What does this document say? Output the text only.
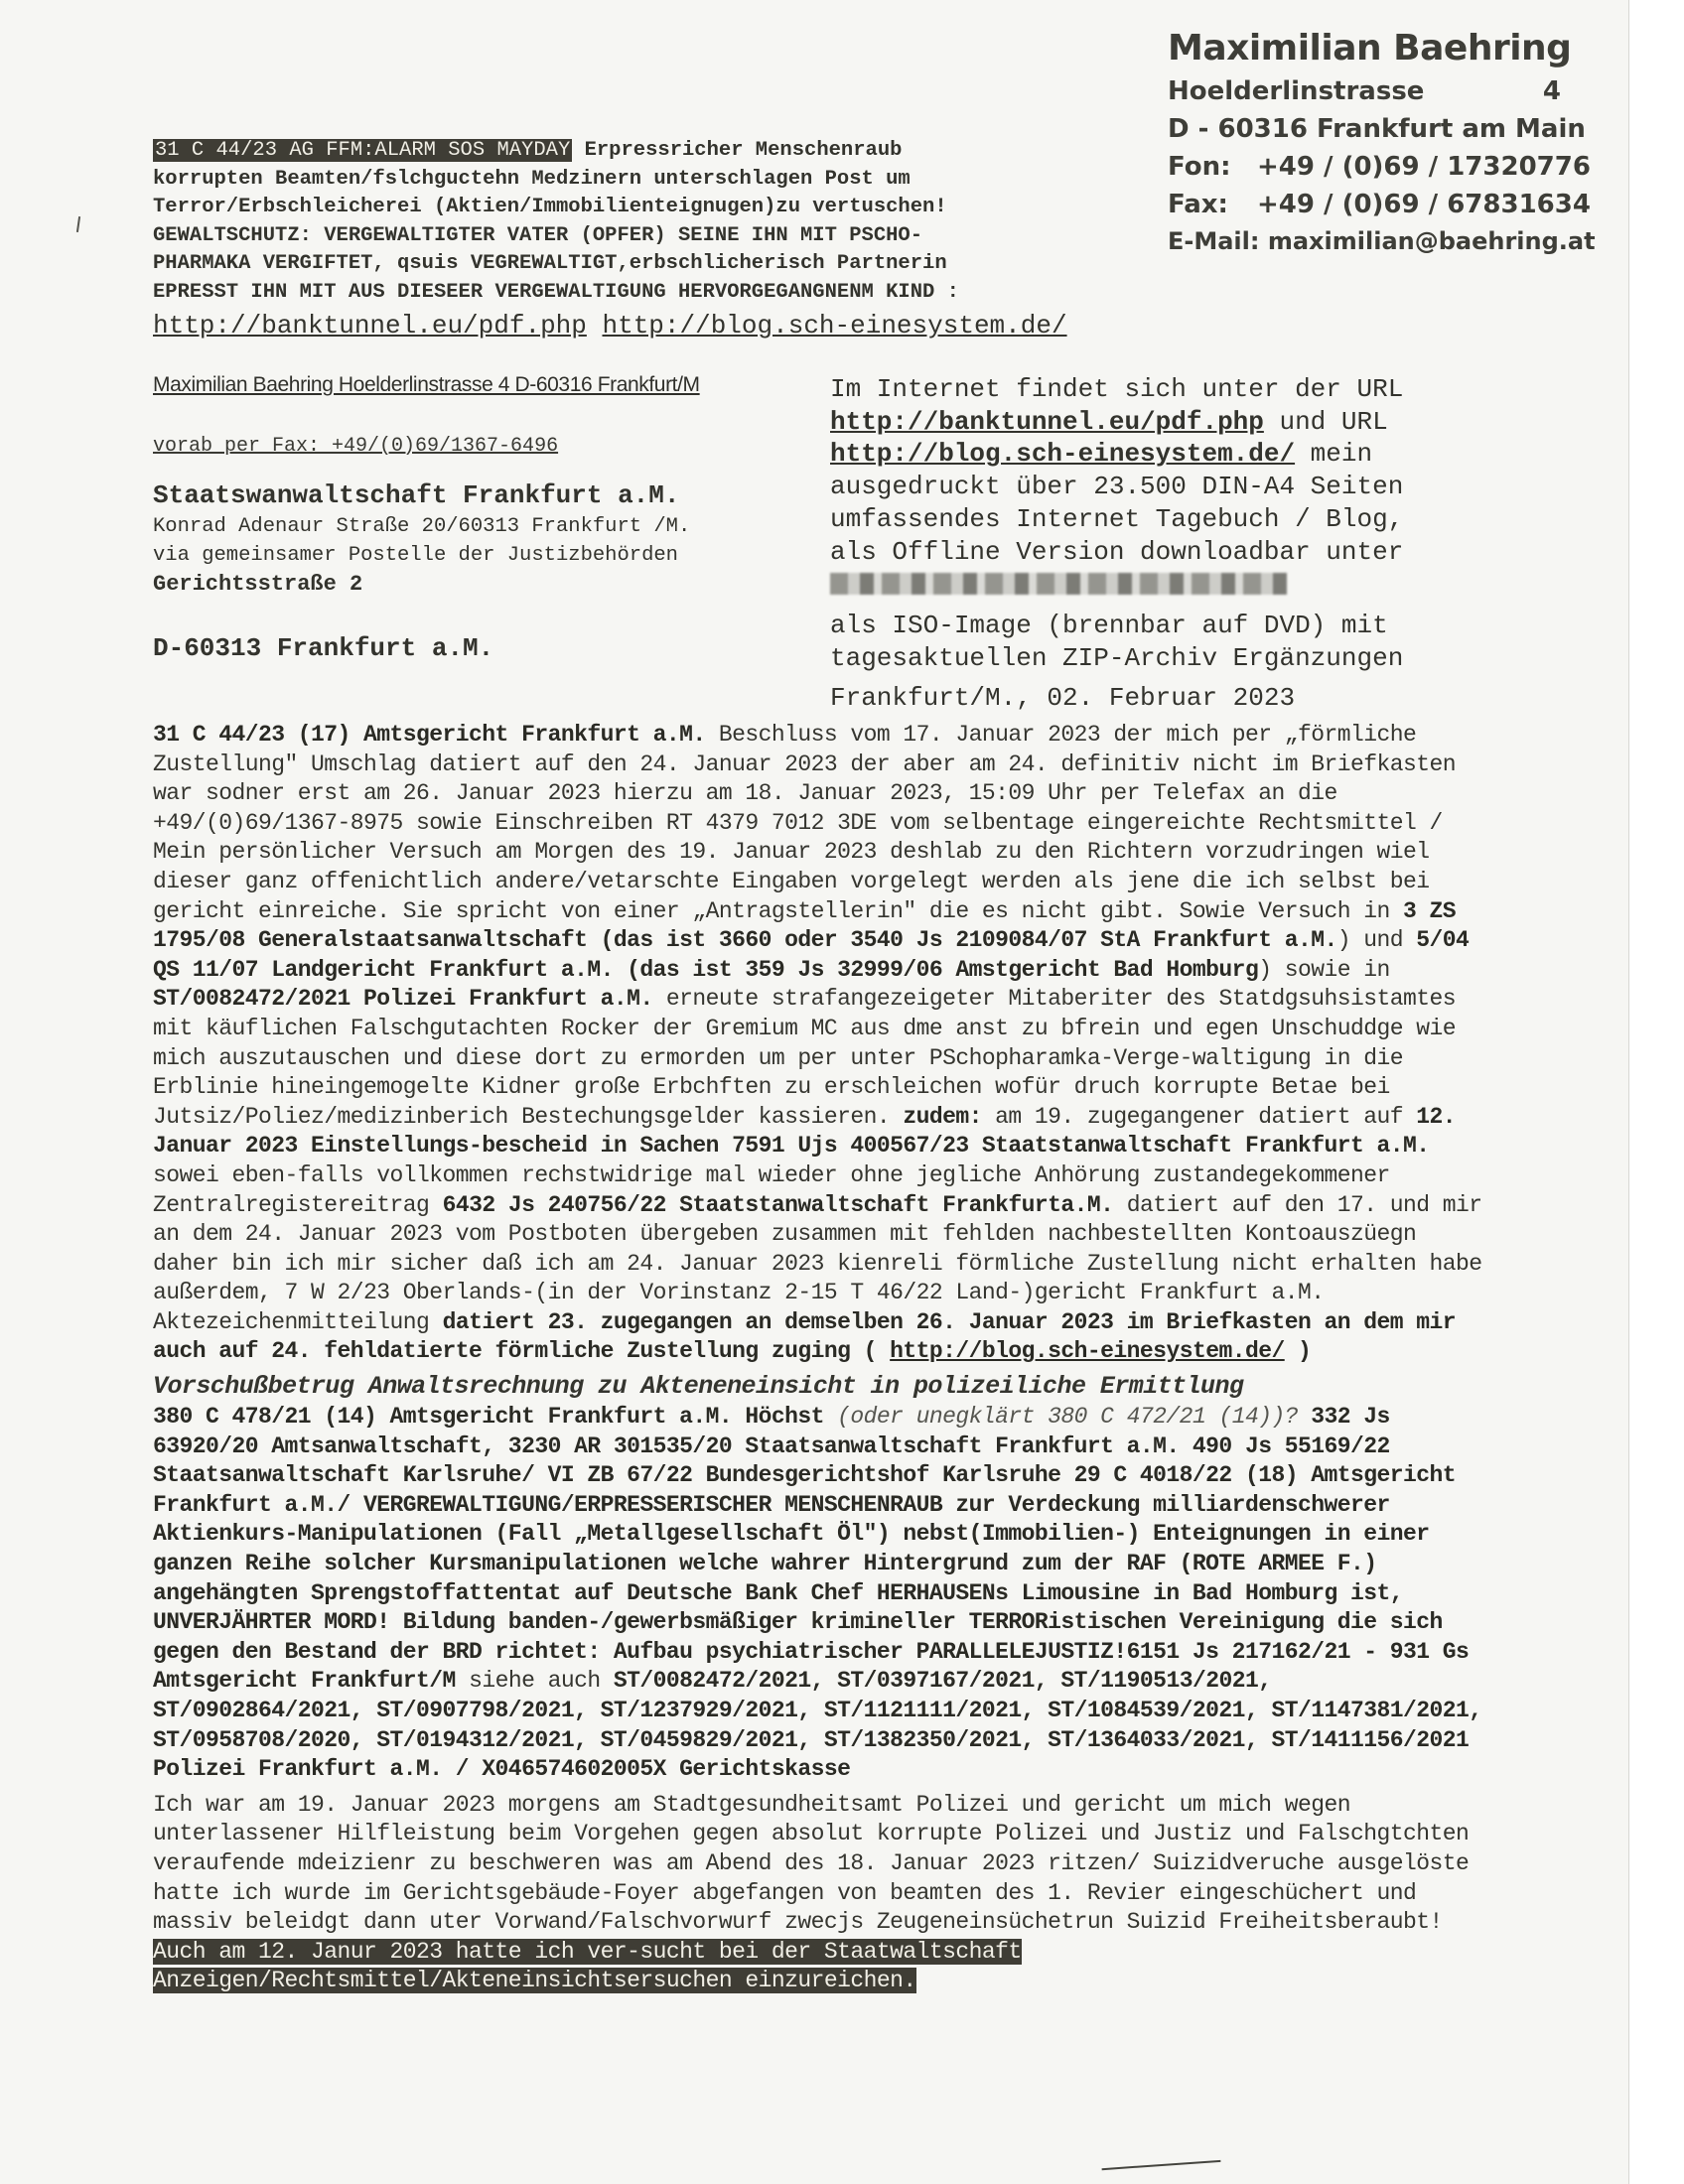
Maximilian Baehring
Hoelderlinstrasse	4
D - 60316 Frankfurt am Main
Fon:	+49 / (0)69 / 17320776
Fax:	+49 / (0)69 / 67831634
E-Mail: maximilian@baehring.at
31 C 44/23 AG FFM:ALARM SOS MAYDAY Erpressricher Menschenraub
korrupten Beamten/fslchguctehn Medzinern unterschlagen Post um
Terror/Erbschleicherei (Aktien/Immobilienteignugen)zu vertuschen!
GEWALTSCHUTZ: VERGEWALTIGTER VATER (OPFER) SEINE IHN MIT PSCHO-
PHARMAKA VERGIFTET, qsuis VEGREWALTIGT,erbschlicherisch Partnerin
EPRESST IHN MIT AUS DIESEER VERGEWALTIGUNG HERVORGEGANGNENM KIND :
http://banktunnel.eu/pdf.php http://blog.sch-einesystem.de/
Maximilian Baehring Hoelderlinstrasse 4 D-60316 Frankfurt/M
vorab per Fax: +49/(0)69/1367-6496
Staatswanwaltschaft Frankfurt a.M.
Konrad Adenaur Straße 20/60313 Frankfurt /M.
via gemeinsamer Postelle der Justizbehörden
Gerichtsstraße 2
D-60313 Frankfurt a.M.
Im Internet findet sich unter der URL
http://banktunnel.eu/pdf.php und URL
http://blog.sch-einesystem.de/ mein
ausgedruckt über 23.500 DIN-A4 Seiten
umfassendes Internet Tagebuch / Blog,
als Offline Version downloadbar unter
als ISO-Image (brennbar auf DVD) mit
tagesaktuellen ZIP-Archiv Ergänzungen
Frankfurt/M., 02. Februar 2023

31 C 44/23 (17) Amtsgericht Frankfurt a.M. Beschluss vom 17. Januar 2023 der mich per „förmliche Zustellung" Umschlag datiert auf den 24. Januar 2023 der aber am 24. definitiv nicht im Briefkasten war sodner erst am 26. Januar 2023 hierzu am 18. Januar 2023, 15:09 Uhr per Telefax an die +49/(0)69/1367-8975 sowie Einschreiben RT 4379 7012 3DE vom selbentage eingereichte Rechtsmittel / Mein persönlicher Versuch am Morgen des 19. Januar 2023 deshlab zu den Richtern vorzudringen wiel dieser ganz offenichtlich andere/vetarschte Eingaben vorgelegt werden als jene die ich selbst bei gericht einreiche. Sie spricht von einer „Antragstellerin" die es nicht gibt. Sowie Versuch in 3 ZS 1795/08 Generalstaatsanwaltschaft (das ist 3660 oder 3540 Js 2109084/07 StA Frankfurt a.M.) und 5/04 QS 11/07 Landgericht Frankfurt a.M. (das ist 359 Js 32999/06 Amstgericht Bad Homburg) sowie in ST/0082472/2021 Polizei Frankfurt a.M. erneute strafangezeigeter Mitaberiter des Statdgsuhsistamtes mit käuflichen Falschgutachten Rocker der Gremium MC aus dme anst zu bfrein und egen Unschuddge wie mich auszutauschen und diese dort zu ermorden um per unter PSchopharamka-Verge-waltigung in die Erblinie hineingemogelte Kidner große Erbchften zu erschleichen wofür druch korrupte Betae bei Jutsiz/Poliez/medizinberich Bestechungsgelder kassieren. zudem: am 19. zugegangener datiert auf 12. Januar 2023 Einstellungs-bescheid in Sachen 7591 Ujs 400567/23 Staatstanwaltschaft Frankfurt a.M. sowei eben-falls vollkommen rechstwidrige mal wieder ohne jegliche Anhörung zustandegekommener Zentralregistereitrag 6432 Js 240756/22 Staatstanwaltschaft Frankfurta.M. datiert auf den 17. und mir an dem 24. Januar 2023 vom Postboten übergeben zusammen mit fehlden nachbestellten Kontoauszüegn daher bin ich mir sicher daß ich am 24. Januar 2023 kienreli förmliche Zustellung nicht erhalten habe außerdem, 7 W 2/23 Oberlands-(in der Vorinstanz 2-15 T 46/22 Land-)gericht Frankfurt a.M. Aktezeichenmitteilung datiert 23. zugegangen an demselben 26. Januar 2023 im Briefkasten an dem mir auch auf 24. fehldatierte förmliche Zustellung zuging ( http://blog.sch-einesystem.de/ )

Vorschußbetrug Anwaltsrechnung zu Akteneneinsicht in polizeiliche Ermittlung

380 C 478/21 (14) Amtsgericht Frankfurt a.M. Höchst (oder unegklärt 380 C 472/21 (14))? 332 Js 63920/20 Amtsanwaltschaft, 3230 AR 301535/20 Staatsanwaltschaft Frankfurt a.M. 490 Js 55169/22 Staatsanwaltschaft Karlsruhe/ VI ZB 67/22 Bundesgerichtshof Karlsruhe 29 C 4018/22 (18) Amtsgericht Frankfurt a.M./ VERGREWALTIGUNG/ERPRESSERISCHER MENSCHENRAUB zur Verdeckung milliardenschwerer Aktienkurs-Manipulationen (Fall „Metallgesellschaft Öl") nebst(Immobilien-) Enteignungen in einer ganzen Reihe solcher Kursmanipulationen welche wahrer Hintergrund zum der RAF (ROTE ARMEE F.) angehängten Sprengstoffattentat auf Deutsche Bank Chef HERHAUSENs Limousine in Bad Homburg ist, UNVERJÄHRTER MORD! Bildung banden-/gewerbsmäßiger krimineller TERRORistischen Vereinigung die sich gegen den Bestand der BRD richtet: Aufbau psychiatrischer PARALLELEJUSTIZ!6151 Js 217162/21 - 931 Gs Amtsgericht Frankfurt/M siehe auch ST/0082472/2021, ST/0397167/2021, ST/1190513/2021, ST/0902864/2021, ST/0907798/2021, ST/1237929/2021, ST/1121111/2021, ST/1084539/2021, ST/1147381/2021, ST/0958708/2020, ST/0194312/2021, ST/0459829/2021, ST/1382350/2021, ST/1364033/2021, ST/1411156/2021 Polizei Frankfurt a.M. / X046574602005X Gerichtskasse

Ich war am 19. Januar 2023 morgens am Stadtgesundheitsamt Polizei und gericht um mich wegen unterlassener Hilfleistung beim Vorgehen gegen absolut korrupte Polizei und Justiz und Falschgtchten veraufende mdeizienr zu beschweren was am Abend des 18. Januar 2023 ritzen/ Suizidveruche ausgelöste hatte ich wurde im Gerichtsgebäude-Foyer abgefangen von beamten des 1. Revier eingeschüchert und massiv beleidgt dann uter Vorwand/Falschvorwurf zwecjs Zeugeneinsüchetrun Suizid Freiheitsberaubt! Auch am 12. Janur 2023 hatte ich ver-sucht bei der Staatwaltschaft Anzeigen/Rechtsmittel/Akteneinsichtsersuchen einzureichen.
